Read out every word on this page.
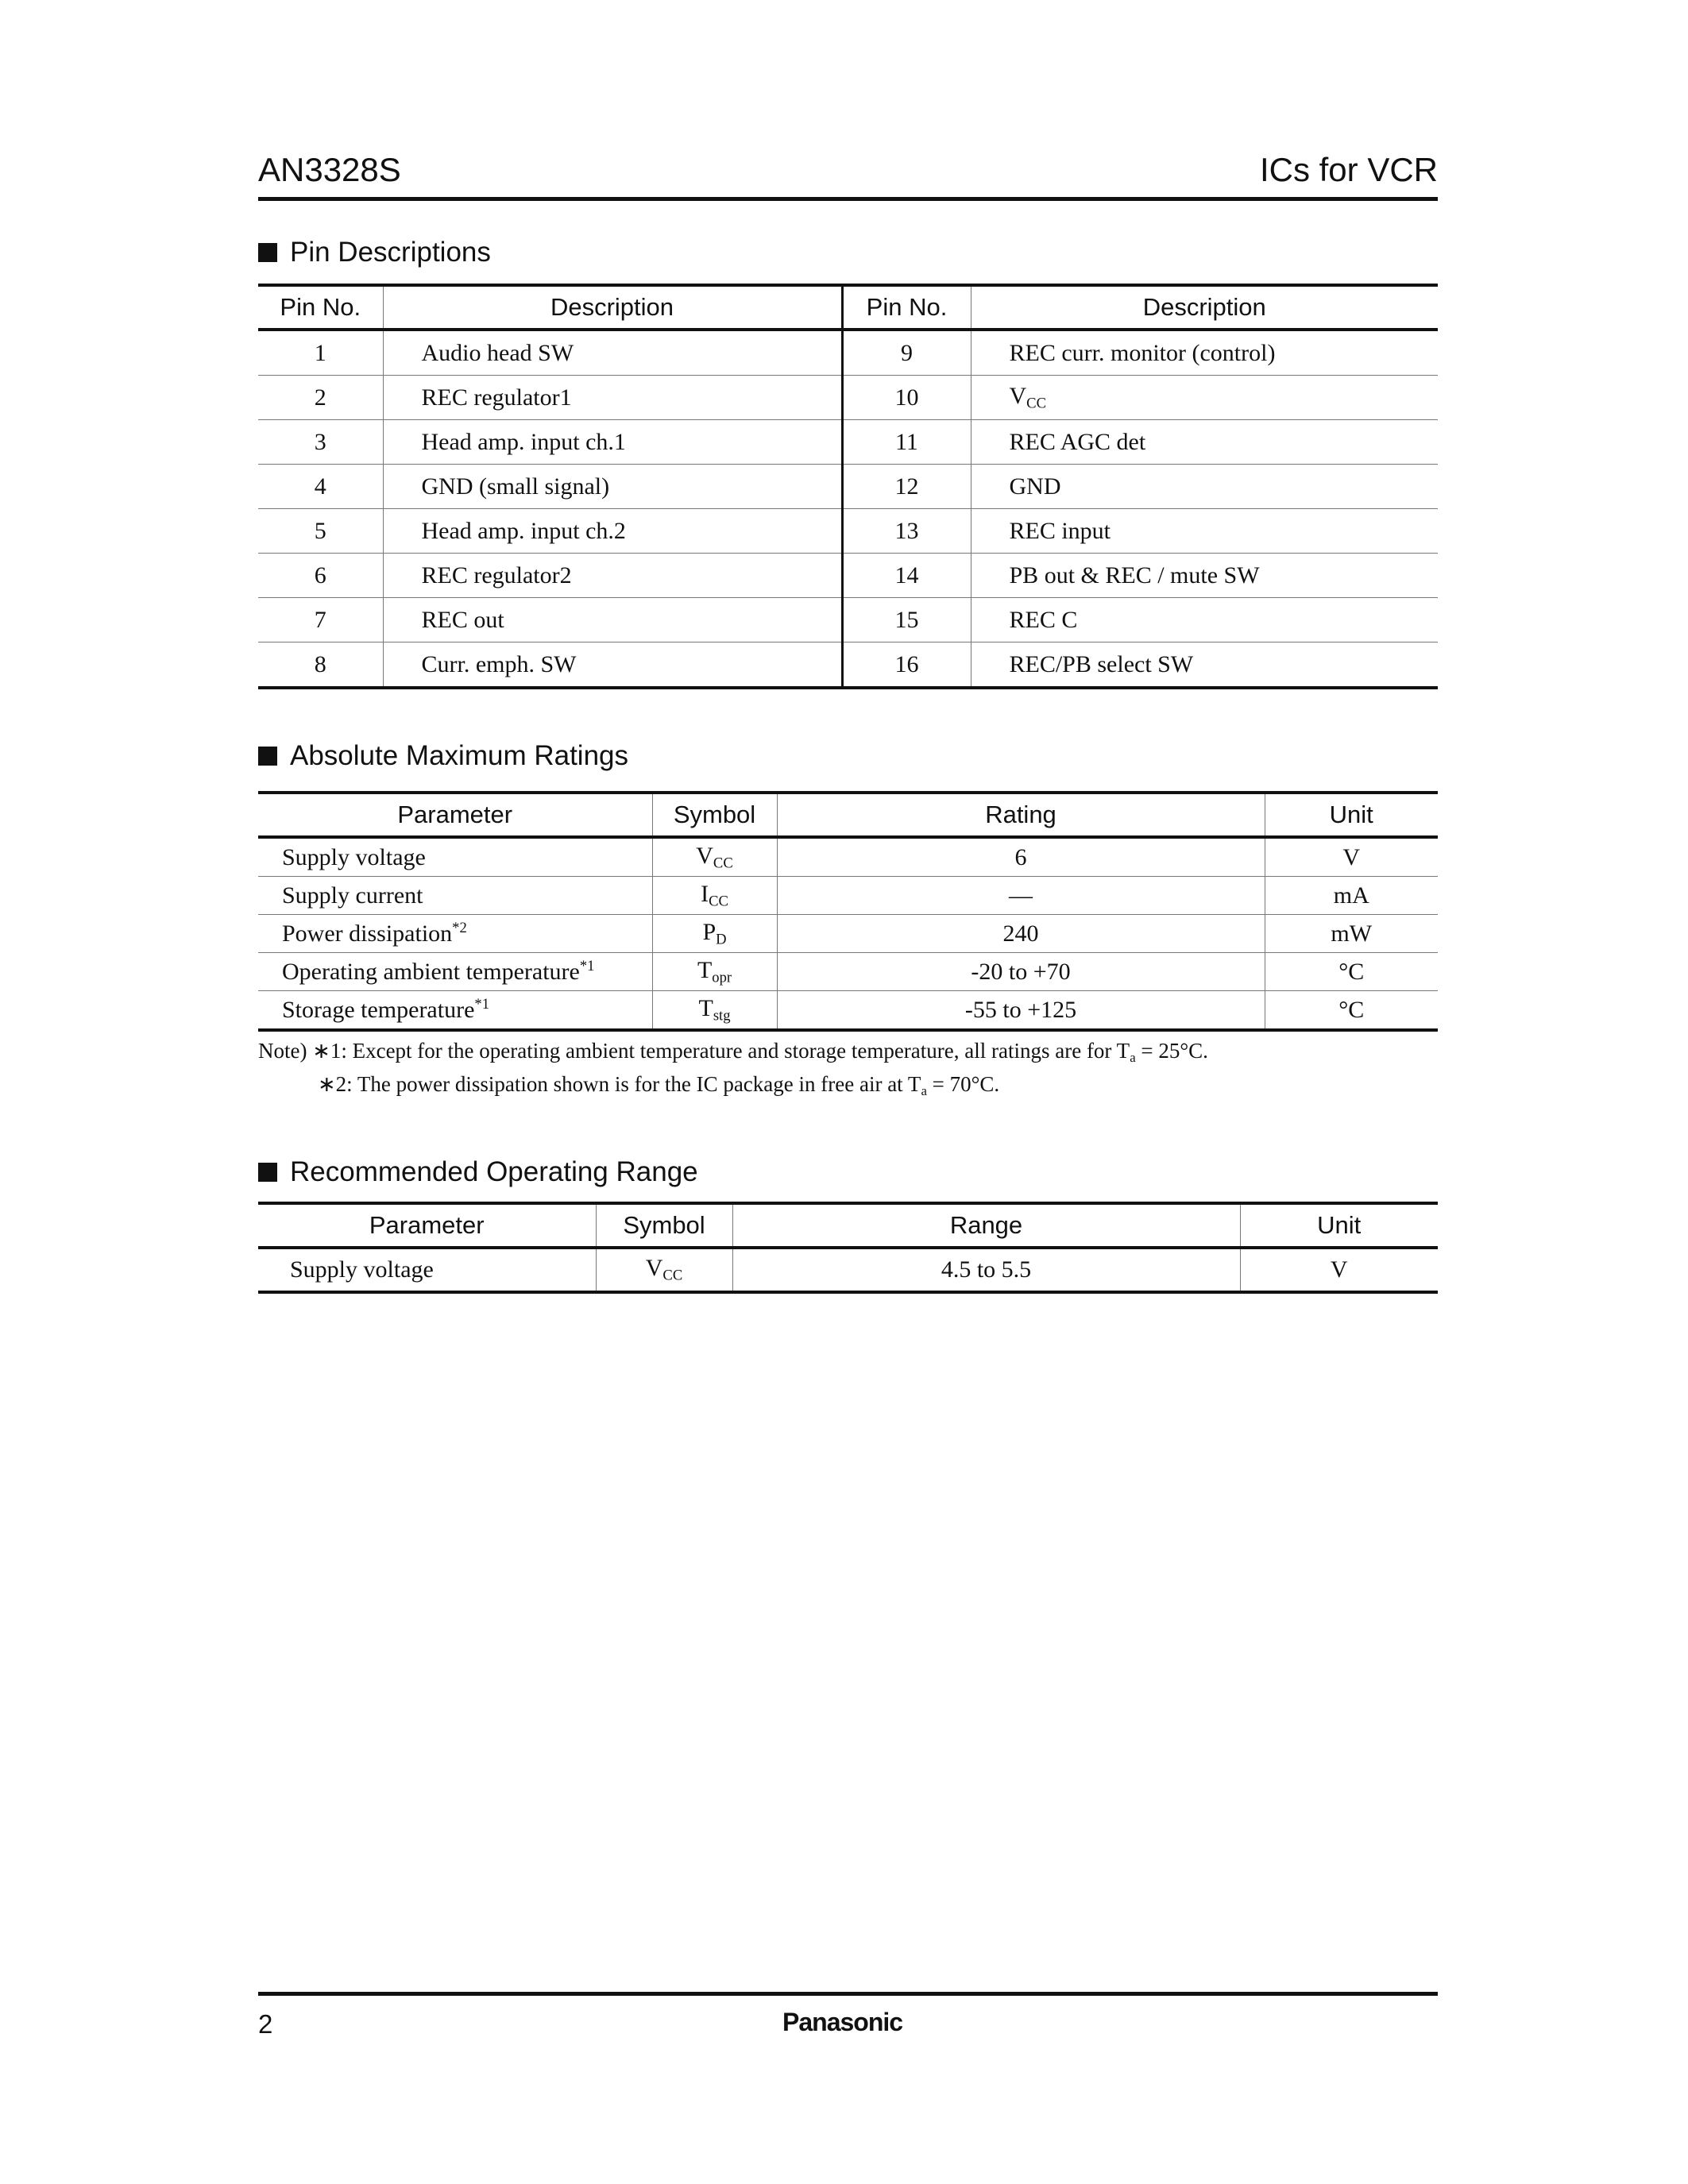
AN3328S	ICs for VCR
Pin Descriptions
Pin No.	Description	Pin No.	Description
1	Audio head SW	9	REC curr. monitor (control)
2	REC regulator1	10	$V_{CC}$
3	Head amp. input ch.1	11	REC AGC det
4	GND (small signal)	12	GND
5	Head amp. input ch.2	13	REC input
6	REC regulator2	14	PB out & REC / mute SW
7	REC out	15	REC C
8	Curr. emph. SW	16	REC/PB select SW
Absolute Maximum Ratings
Parameter	Symbol	Rating	Unit
Supply voltage	$V_{CC}$	6	V
Supply current	$I_{CC}$	—	mA
Power dissipation$^{*2}$	$P_D$	240	mW
Operating ambient temperature$^{*1}$	$T_{opr}$	-20 to +70	°C
Storage temperature$^{*1}$	$T_{stg}$	-55 to +125	°C
Note) ∗1: Except for the operating ambient temperature and storage temperature, all ratings are for $T_a = 25^\circ C$.
∗2: The power dissipation shown is for the IC package in free air at $T_a = 70^\circ C$.
Recommended Operating Range
Parameter	Symbol	Range	Unit
Supply voltage	$V_{CC}$	4.5 to 5.5	V
2	Panasonic
